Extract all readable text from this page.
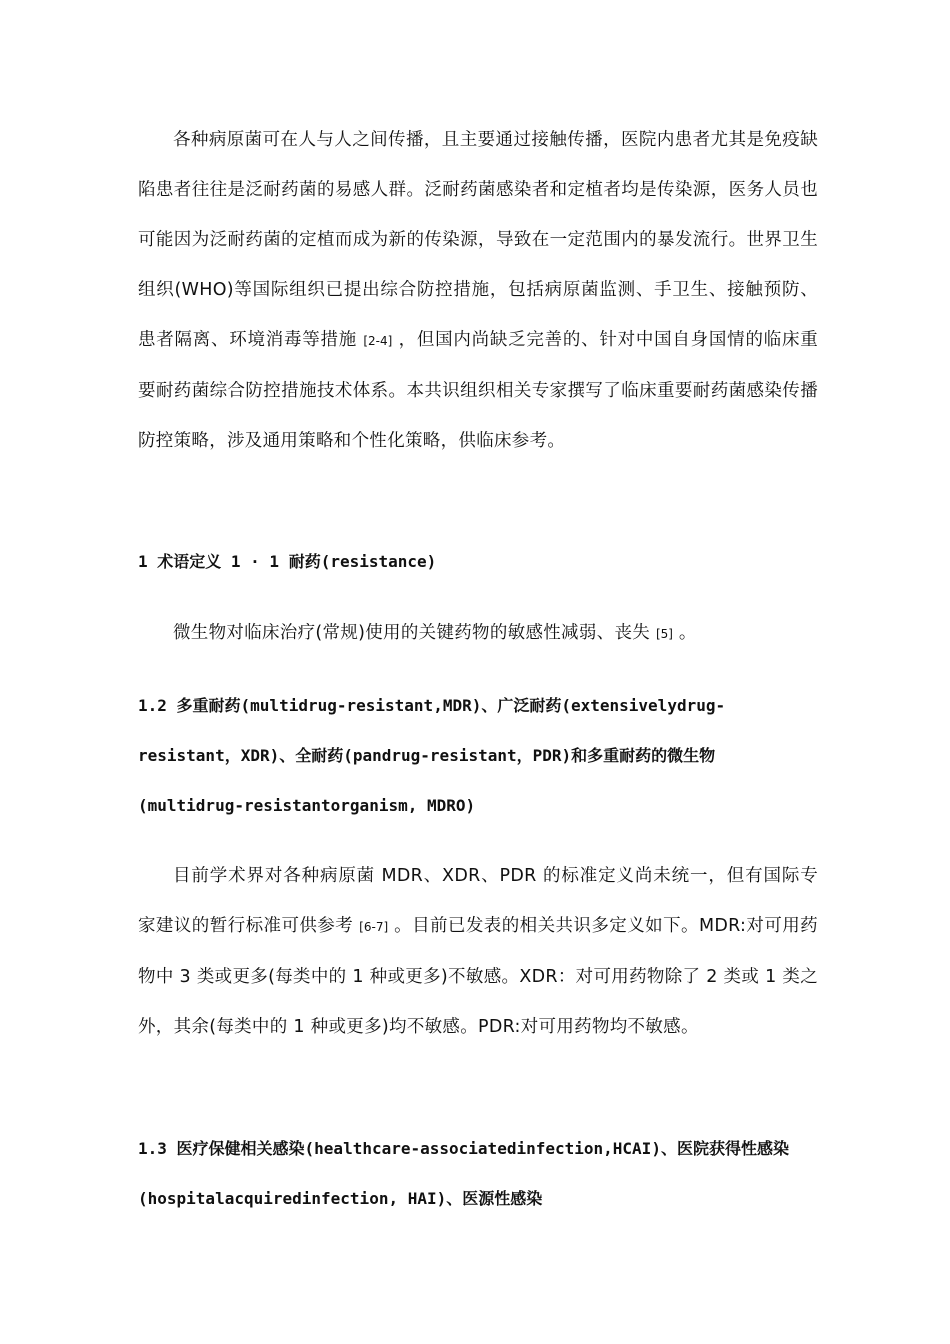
各种病原菌可在人与人之间传播，且主要通过接触传播，医院内患者尤其是免疫缺陷患者往往是泛耐药菌的易感人群。泛耐药菌感染者和定植者均是传染源，医务人员也可能因为泛耐药菌的定植而成为新的传染源，导致在一定范围内的暴发流行。世界卫生组织(WHO)等国际组织已提出综合防控措施，包括病原菌监测、手卫生、接触预防、患者隔离、环境消毒等措施 [2-4] ，但国内尚缺乏完善的、针对中国自身国情的临床重要耐药菌综合防控措施技术体系。本共识组织相关专家撰写了临床重要耐药菌感染传播防控策略，涉及通用策略和个性化策略，供临床参考。

1 术语定义 1 · 1 耐药(resistance)

微生物对临床治疗(常规)使用的关键药物的敏感性减弱、丧失 [5] 。

1.2 多重耐药(multidrug-resistant,MDR)、广泛耐药(extensivelydrug-resistant，XDR)、全耐药(pandrug-resistant，PDR)和多重耐药的微生物(multidrug-resistantorganism, MDRO)

目前学术界对各种病原菌 MDR、XDR、PDR 的标准定义尚未统一，但有国际专家建议的暂行标准可供参考 [6-7] 。目前已发表的相关共识多定义如下。MDR:对可用药物中 3 类或更多(每类中的 1 种或更多)不敏感。XDR：对可用药物除了 2 类或 1 类之外，其余(每类中的 1 种或更多)均不敏感。PDR:对可用药物均不敏感。

1.3 医疗保健相关感染(healthcare-associatedinfection,HCAI)、医院获得性感染(hospitalacquiredinfection, HAI)、医源性感染
